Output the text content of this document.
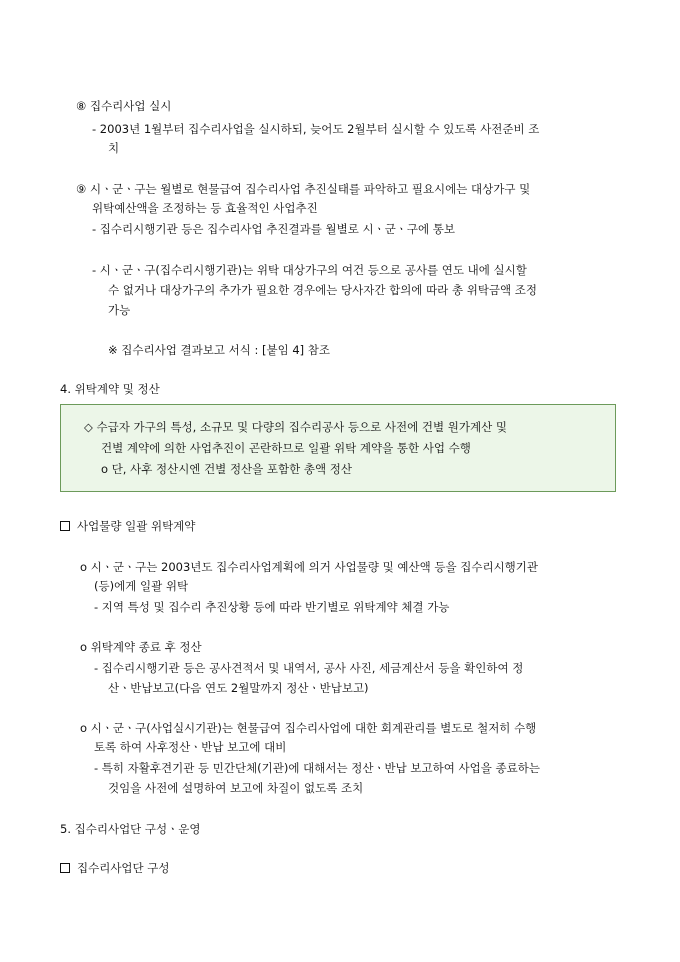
⑧ 집수리사업 실시
- 2003년 1월부터 집수리사업을 실시하되, 늦어도 2월부터 실시할 수 있도록 사전준비 조
치
⑨ 시ㆍ군ㆍ구는 월별로 현물급여 집수리사업 추진실태를 파악하고 필요시에는 대상가구 및
위탁예산액을 조정하는 등 효율적인 사업추진
- 집수리시행기관 등은 집수리사업 추진결과를 월별로 시ㆍ군ㆍ구에 통보
- 시ㆍ군ㆍ구(집수리시행기관)는 위탁 대상가구의 여건 등으로 공사를 연도 내에 실시할
수 없거나 대상가구의 추가가 필요한 경우에는 당사자간 합의에 따라 총 위탁금액 조정
가능
※ 집수리사업 결과보고 서식 : [붙임 4] 참조
4. 위탁계약 및 정산
◇ 수급자 가구의 특성, 소규모 및 다량의 집수리공사 등으로 사전에 건별 원가계산 및
건별 계약에 의한 사업추진이 곤란하므로 일괄 위탁 계약을 통한 사업 수행
o 단, 사후 정산시엔 건별 정산을 포함한 총액 정산
사업물량 일괄 위탁계약
o 시ㆍ군ㆍ구는 2003년도 집수리사업계획에 의거 사업물량 및 예산액 등을 집수리시행기관
(등)에게 일괄 위탁
- 지역 특성 및 집수리 추진상황 등에 따라 반기별로 위탁계약 체결 가능
o 위탁계약 종료 후 정산
- 집수리시행기관 등은 공사견적서 및 내역서, 공사 사진, 세금계산서 등을 확인하여 정
산ㆍ반납보고(다음 연도 2월말까지 정산ㆍ반납보고)
o 시ㆍ군ㆍ구(사업실시기관)는 현물급여 집수리사업에 대한 회계관리를 별도로 철저히 수행
토록 하여 사후정산ㆍ반납 보고에 대비
- 특히 자활후견기관 등 민간단체(기관)에 대해서는 정산ㆍ반납 보고하여 사업을 종료하는
것임을 사전에 설명하여 보고에 차질이 없도록 조치
5. 집수리사업단 구성ㆍ운영
집수리사업단 구성
